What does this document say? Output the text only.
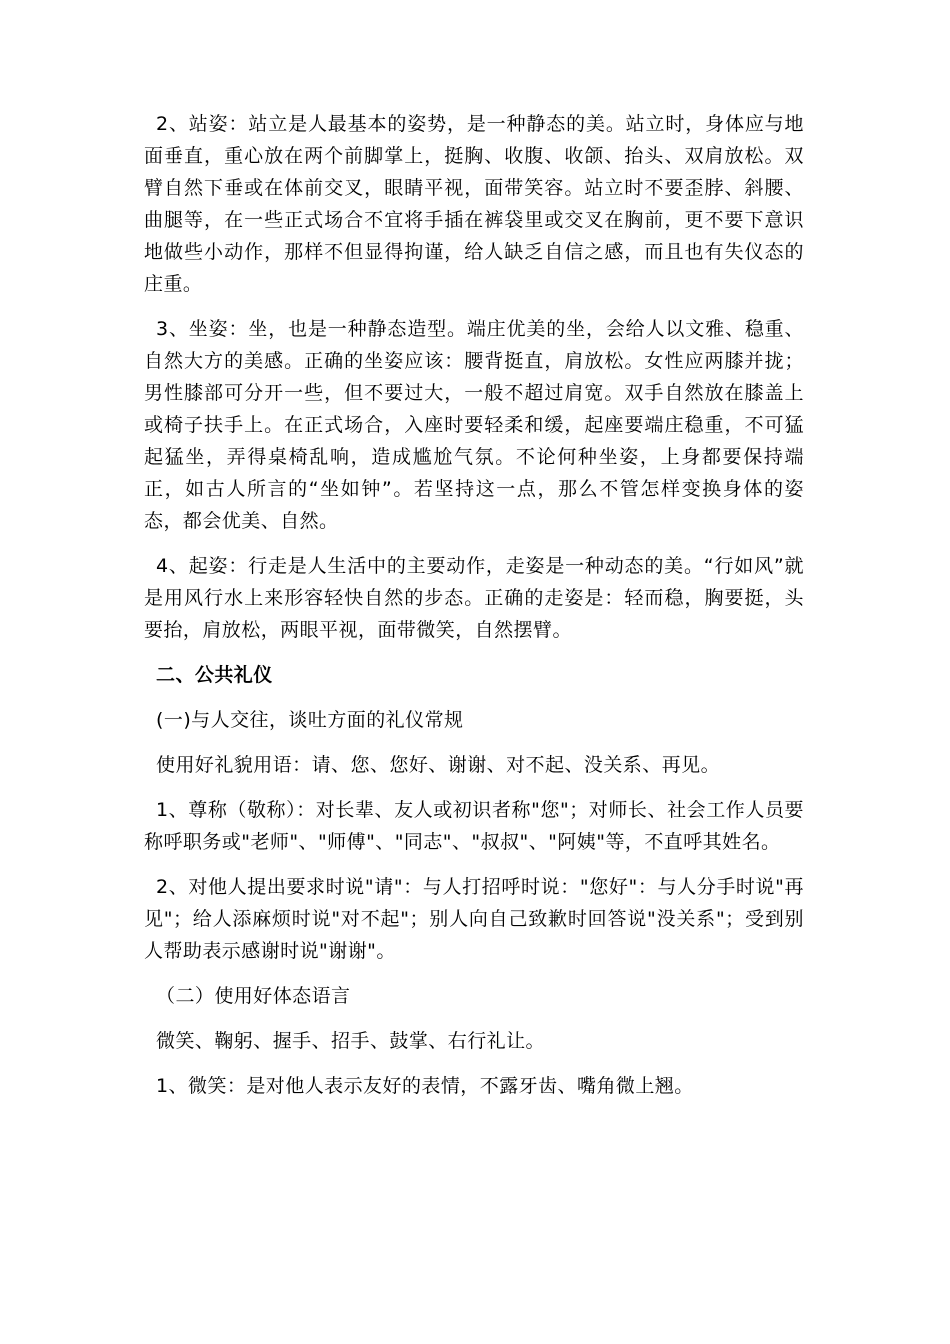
2、站姿：站立是人最基本的姿势，是一种静态的美。站立时，身体应与地面垂直，重心放在两个前脚掌上，挺胸、收腹、收颌、抬头、双肩放松。双臂自然下垂或在体前交叉，眼睛平视，面带笑容。站立时不要歪脖、斜腰、曲腿等，在一些正式场合不宜将手插在裤袋里或交叉在胸前，更不要下意识地做些小动作，那样不但显得拘谨，给人缺乏自信之感，而且也有失仪态的庄重。

3、坐姿：坐，也是一种静态造型。端庄优美的坐，会给人以文雅、稳重、自然大方的美感。正确的坐姿应该：腰背挺直，肩放松。女性应两膝并拢；男性膝部可分开一些，但不要过大，一般不超过肩宽。双手自然放在膝盖上或椅子扶手上。在正式场合，入座时要轻柔和缓，起座要端庄稳重，不可猛起猛坐，弄得桌椅乱响，造成尴尬气氛。不论何种坐姿，上身都要保持端正，如古人所言的“坐如钟”。若坚持这一点，那么不管怎样变换身体的姿态，都会优美、自然。

4、起姿：行走是人生活中的主要动作，走姿是一种动态的美。“行如风”就是用风行水上来形容轻快自然的步态。正确的走姿是：轻而稳，胸要挺，头要抬，肩放松，两眼平视，面带微笑，自然摆臂。

二、公共礼仪

(一)与人交往，谈吐方面的礼仪常规

使用好礼貌用语：请、您、您好、谢谢、对不起、没关系、再见。

1、尊称（敬称）：对长辈、友人或初识者称"您"；对师长、社会工作人员要称呼职务或"老师"、"师傅"、"同志"、"叔叔"、"阿姨"等，不直呼其姓名。

2、对他人提出要求时说"请"：与人打招呼时说："您好"：与人分手时说"再见"；给人添麻烦时说"对不起"；别人向自己致歉时回答说"没关系"；受到别人帮助表示感谢时说"谢谢"。

（二）使用好体态语言

微笑、鞠躬、握手、招手、鼓掌、右行礼让。

1、微笑：是对他人表示友好的表情，不露牙齿、嘴角微上翘。
